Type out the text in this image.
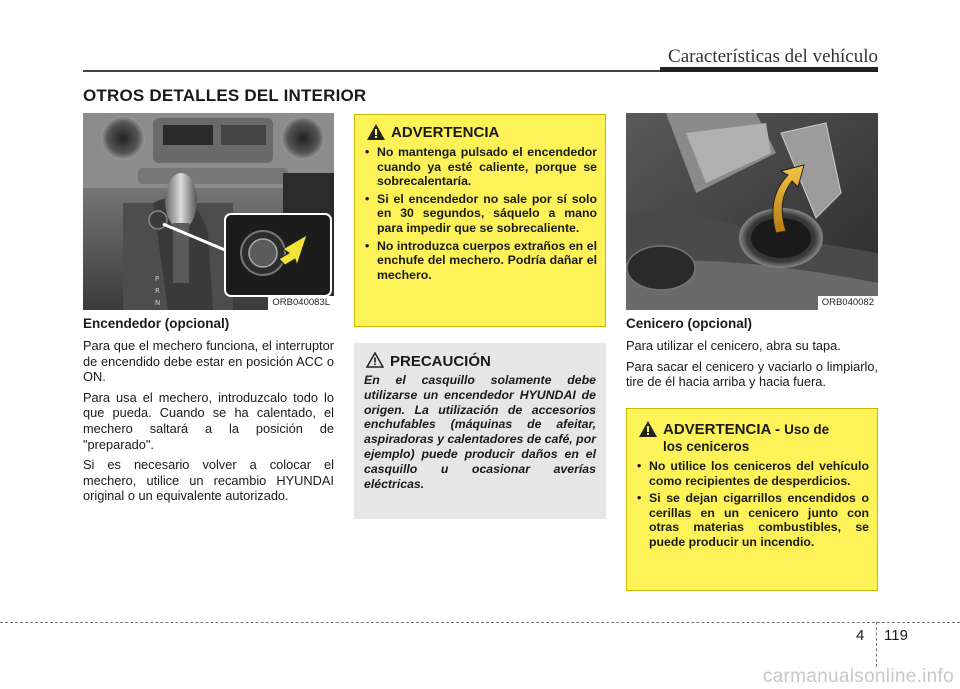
Características del vehículo
OTROS DETALLES DEL INTERIOR
P
R
N	ORB040083L
Encendedor (opcional)

Para que el mechero funciona, el interruptor de encendido debe estar en posición ACC o ON.

Para usa el mechero, introduzcalo todo lo que pueda. Cuando se ha calentado, el mechero saltará a la posición de "preparado".

Si es necesario volver a colocar el mechero, utilice un recambio HYUNDAI original o un equivalente autorizado.

ADVERTENCIA
• No mantenga pulsado el encendedor cuando ya esté caliente, porque se sobrecalentaría.
• Si el encendedor no sale por sí solo en 30 segundos, sáquelo a mano para impedir que se sobrecaliente.
• No introduzca cuerpos extraños en el enchufe del mechero. Podría dañar el mechero.
PRECAUCIÓN
En el casquillo solamente debe utilizarse un encendedor HYUNDAI de origen. La utilización de accesorios enchufables (máquinas de afeitar, aspiradoras y calentadores de café, por ejemplo) puede producir daños en el casquillo u ocasionar averías eléctricas.
ORB040082
Cenicero (opcional)

Para utilizar el cenicero, abra su tapa.

Para sacar el cenicero y vaciarlo o limpiarlo, tire de él hacia arriba y hacia fuera.

ADVERTENCIA - Uso de
los ceniceros
• No utilice los ceniceros del vehículo como recipientes de desperdicios.
• Si se dejan cigarrillos encendidos o cerillas en un cenicero junto con otras materias combustibles, se puede producir un incendio.
4 119
carmanualsonline.info
